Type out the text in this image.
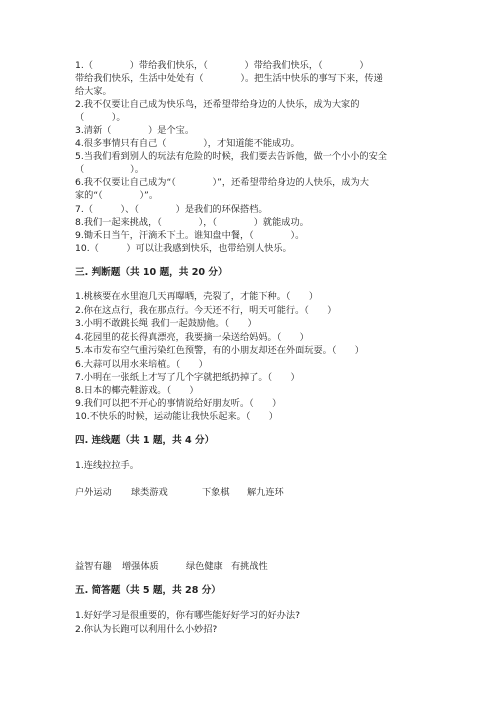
1.（　　　　）带给我们快乐，（　　　　）带给我们快乐，（　　　　）
带给我们快乐，生活中处处有（　　　　）。把生活中快乐的事写下来，传递
给大家。
2.我不仅要让自己成为快乐鸟，还希望带给身边的人快乐，成为大家的
（　　　）。
3.清新（　　　　）是个宝。
4.很多事情只有自己（　　　　），才知道能不能成功。
5.当我们看到别人的玩法有危险的时候，我们要去告诉他，做一个小小的安全
（　　　　　）。
6.我不仅要让自己成为“（　　　　）”，还希望带给身边的人快乐，成为大
家的“（　　　　）”。
7.（　　　）、（　　　　）是我们的环保搭档。
8.我们一起来挑战，（　　　　），（　　　　）就能成功。
9.锄禾日当午，汗滴禾下土。谁知盘中餐，（　　　　）。
10.（　　　）可以让我感到快乐，也带给别人快乐。
三. 判断题（共 10 题，共 20 分）
1.桃核要在水里泡几天再曝晒，壳裂了，才能下种。（　　）
2.你在这点行，我在那点行。今天还不行，明天可能行。（　　）
3.小明不敢跳长绳 我们一起鼓励他。（　　）
4.花园里的花长得真漂亮，我要摘一朵送给妈妈。（　　）
5.本市发布空气重污染红色预警，有的小朋友却还在外面玩耍。（　　）
6.大蒜可以用水来培植。（　　）
7.小明在一张纸上才写了几个字就把纸扔掉了。（　　）
8.日本的椰壳鞋游戏。（　　）
9.我们可以把不开心的事情说给好朋友听。（　　）
10.不快乐的时候，运动能让我快乐起来。（　　）
四. 连线题（共 1 题，共 4 分）
1.连线拉拉手。
户外运动 球类游戏	下象棋 解九连环
益智有趣 增强体质	绿色健康 有挑战性
五. 简答题（共 5 题，共 28 分）
1.好好学习是很重要的，你有哪些能好好学习的好办法?
2.你认为长跑可以利用什么小妙招?
